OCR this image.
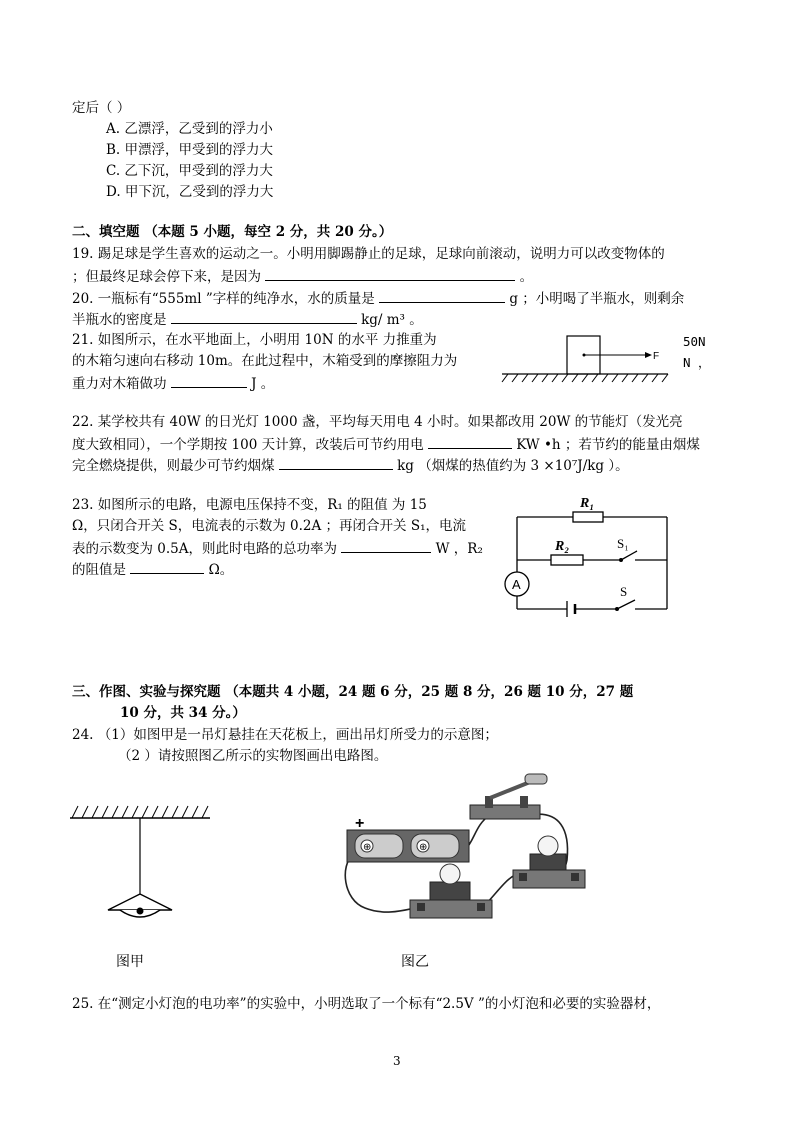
定后（ ）
A. 乙漂浮，乙受到的浮力小
B. 甲漂浮，甲受到的浮力大
C. 乙下沉，甲受到的浮力大
D. 甲下沉，乙受到的浮力大
二、填空题 （本题 5 小题，每空 2 分，共 20 分。）
19. 踢足球是学生喜欢的运动之一。小明用脚踢静止的足球，足球向前滚动，说明力可以改变物体的
；但最终足球会停下来，是因为	。
20. 一瓶标有“555ml ”字样的纯净水，水的质量是	g ；小明喝了半瓶水，则剩余
半瓶水的密度是	kg/ m³ 。
21. 如图所示，在水平地面上，小明用 10N 的水平 力推重为
的木箱匀速向右移动 10m。在此过程中，木箱受到的摩擦阻力为
重力对木箱做功	J 。
50N
N ，
F
22. 某学校共有 40W 的日光灯 1000 盏，平均每天用电 4 小时。如果都改用 20W 的节能灯（发光亮
度大致相同），一个学期按 100 天计算，改装后可节约用电	KW •h ；若节约的能量由烟煤
完全燃烧提供，则最少可节约烟煤	kg （烟煤的热值约为 3 ×10⁷J/kg ）。
23. 如图所示的电路，电源电压保持不变，R₁ 的阻值 为 15
Ω，只闭合开关 S，电流表的示数为 0.2A ；再闭合开关 S₁，电流
表的示数变为 0.5A，则此时电路的总功率为	W ，R₂
的阻值是	Ω。
A
R₁
R₂	S₁
S
三、作图、实验与探究题 （本题共 4 小题，24 题 6 分，25 题 8 分，26 题 10 分，27 题
10 分，共 34 分。）
24. （1）如图甲是一吊灯悬挂在天花板上，画出吊灯所受力的示意图；
（2 ）请按照图乙所示的实物图画出电路图。
⊕	⊕
+
图甲	图乙
25. 在“测定小灯泡的电功率”的实验中，小明选取了一个标有“2.5V ”的小灯泡和必要的实验器材，
3
